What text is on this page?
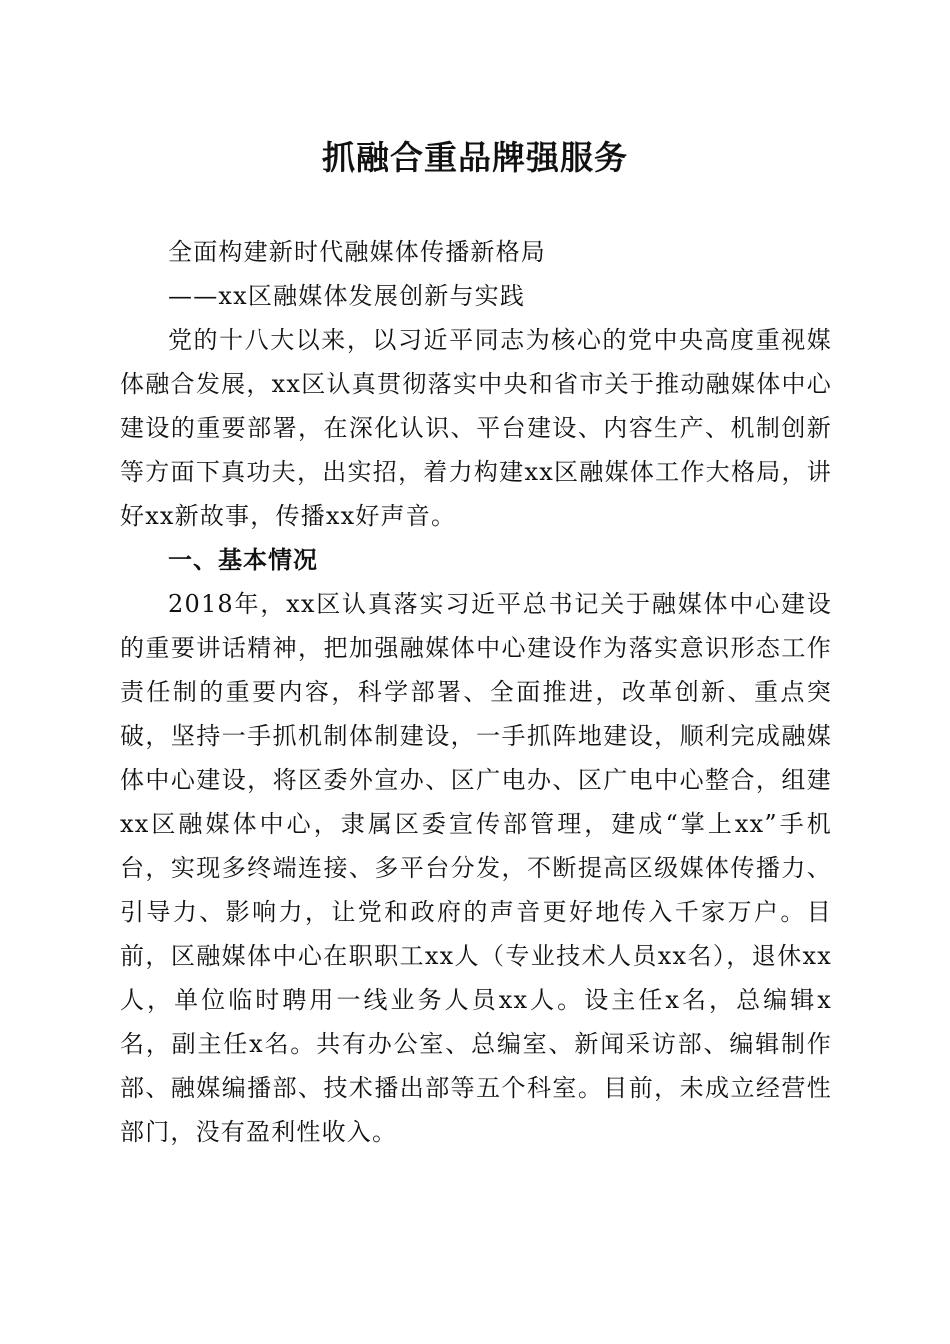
抓融合重品牌强服务

全面构建新时代融媒体传播新格局

——xx区融媒体发展创新与实践

党的十八大以来，以习近平同志为核心的党中央高度重视媒体融合发展，xx区认真贯彻落实中央和省市关于推动融媒体中心建设的重要部署，在深化认识、平台建设、内容生产、机制创新等方面下真功夫，出实招，着力构建xx区融媒体工作大格局，讲好xx新故事，传播xx好声音。

一、基本情况

2018年，xx区认真落实习近平总书记关于融媒体中心建设的重要讲话精神，把加强融媒体中心建设作为落实意识形态工作责任制的重要内容，科学部署、全面推进，改革创新、重点突破，坚持一手抓机制体制建设，一手抓阵地建设，顺利完成融媒体中心建设，将区委外宣办、区广电办、区广电中心整合，组建xx区融媒体中心，隶属区委宣传部管理，建成“掌上xx”手机台，实现多终端连接、多平台分发，不断提高区级媒体传播力、引导力、影响力，让党和政府的声音更好地传入千家万户。目前，区融媒体中心在职职工xx人（专业技术人员xx名），退休xx人，单位临时聘用一线业务人员xx人。设主任x名，总编辑x名，副主任x名。共有办公室、总编室、新闻采访部、编辑制作部、融媒编播部、技术播出部等五个科室。目前，未成立经营性部门，没有盈利性收入。
